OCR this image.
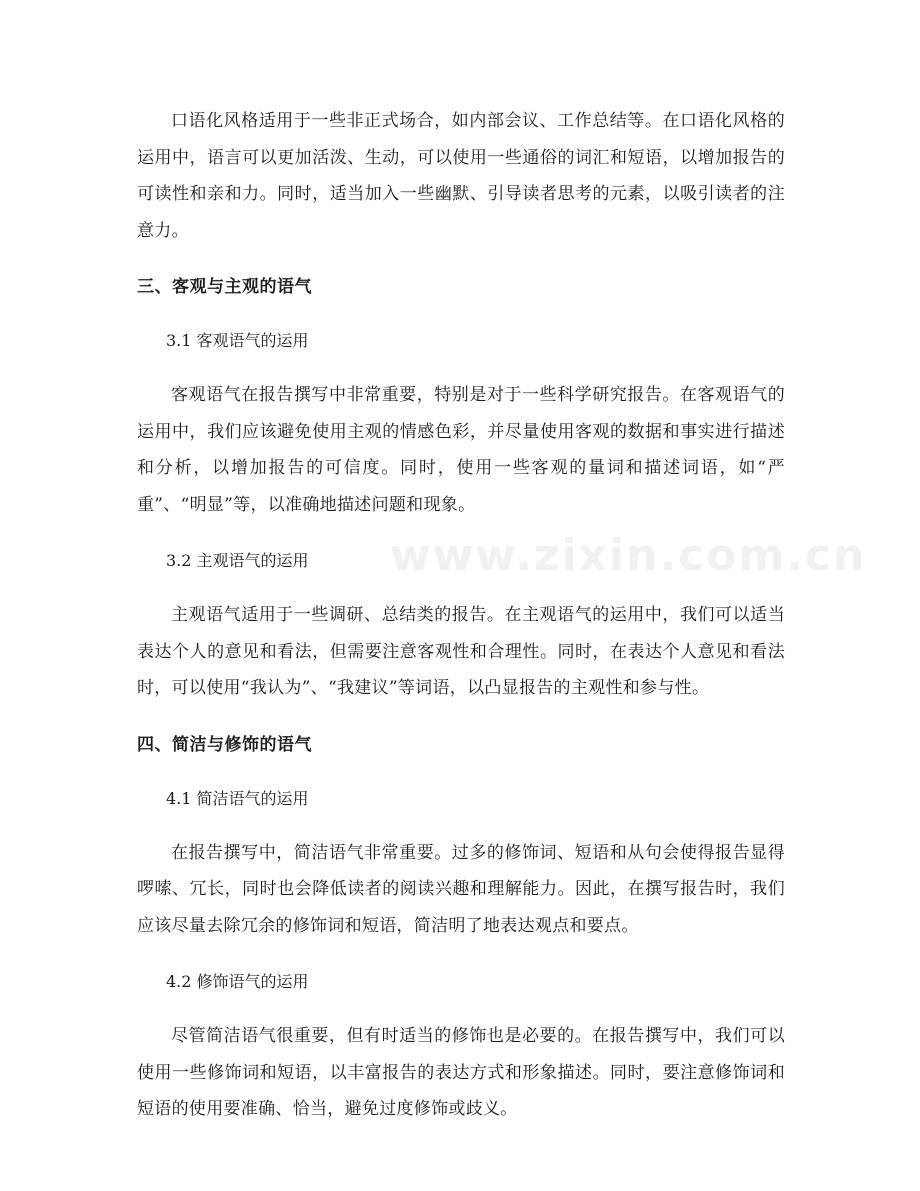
www.zixin.com.cn

口语化风格适用于一些非正式场合，如内部会议、工作总结等。在口语化风格的运用中，语言可以更加活泼、生动，可以使用一些通俗的词汇和短语，以增加报告的可读性和亲和力。同时，适当加入一些幽默、引导读者思考的元素，以吸引读者的注意力。

三、客观与主观的语气
3.1 客观语气的运用

客观语气在报告撰写中非常重要，特别是对于一些科学研究报告。在客观语气的运用中，我们应该避免使用主观的情感色彩，并尽量使用客观的数据和事实进行描述和分析，以增加报告的可信度。同时，使用一些客观的量词和描述词语，如“严重”、“明显”等，以准确地描述问题和现象。

3.2 主观语气的运用

主观语气适用于一些调研、总结类的报告。在主观语气的运用中，我们可以适当表达个人的意见和看法，但需要注意客观性和合理性。同时，在表达个人意见和看法时，可以使用“我认为”、“我建议”等词语，以凸显报告的主观性和参与性。

四、简洁与修饰的语气
4.1 简洁语气的运用

在报告撰写中，简洁语气非常重要。过多的修饰词、短语和从句会使得报告显得啰嗦、冗长，同时也会降低读者的阅读兴趣和理解能力。因此，在撰写报告时，我们应该尽量去除冗余的修饰词和短语，简洁明了地表达观点和要点。

4.2 修饰语气的运用

尽管简洁语气很重要，但有时适当的修饰也是必要的。在报告撰写中，我们可以使用一些修饰词和短语，以丰富报告的表达方式和形象描述。同时，要注意修饰词和短语的使用要准确、恰当，避免过度修饰或歧义。
